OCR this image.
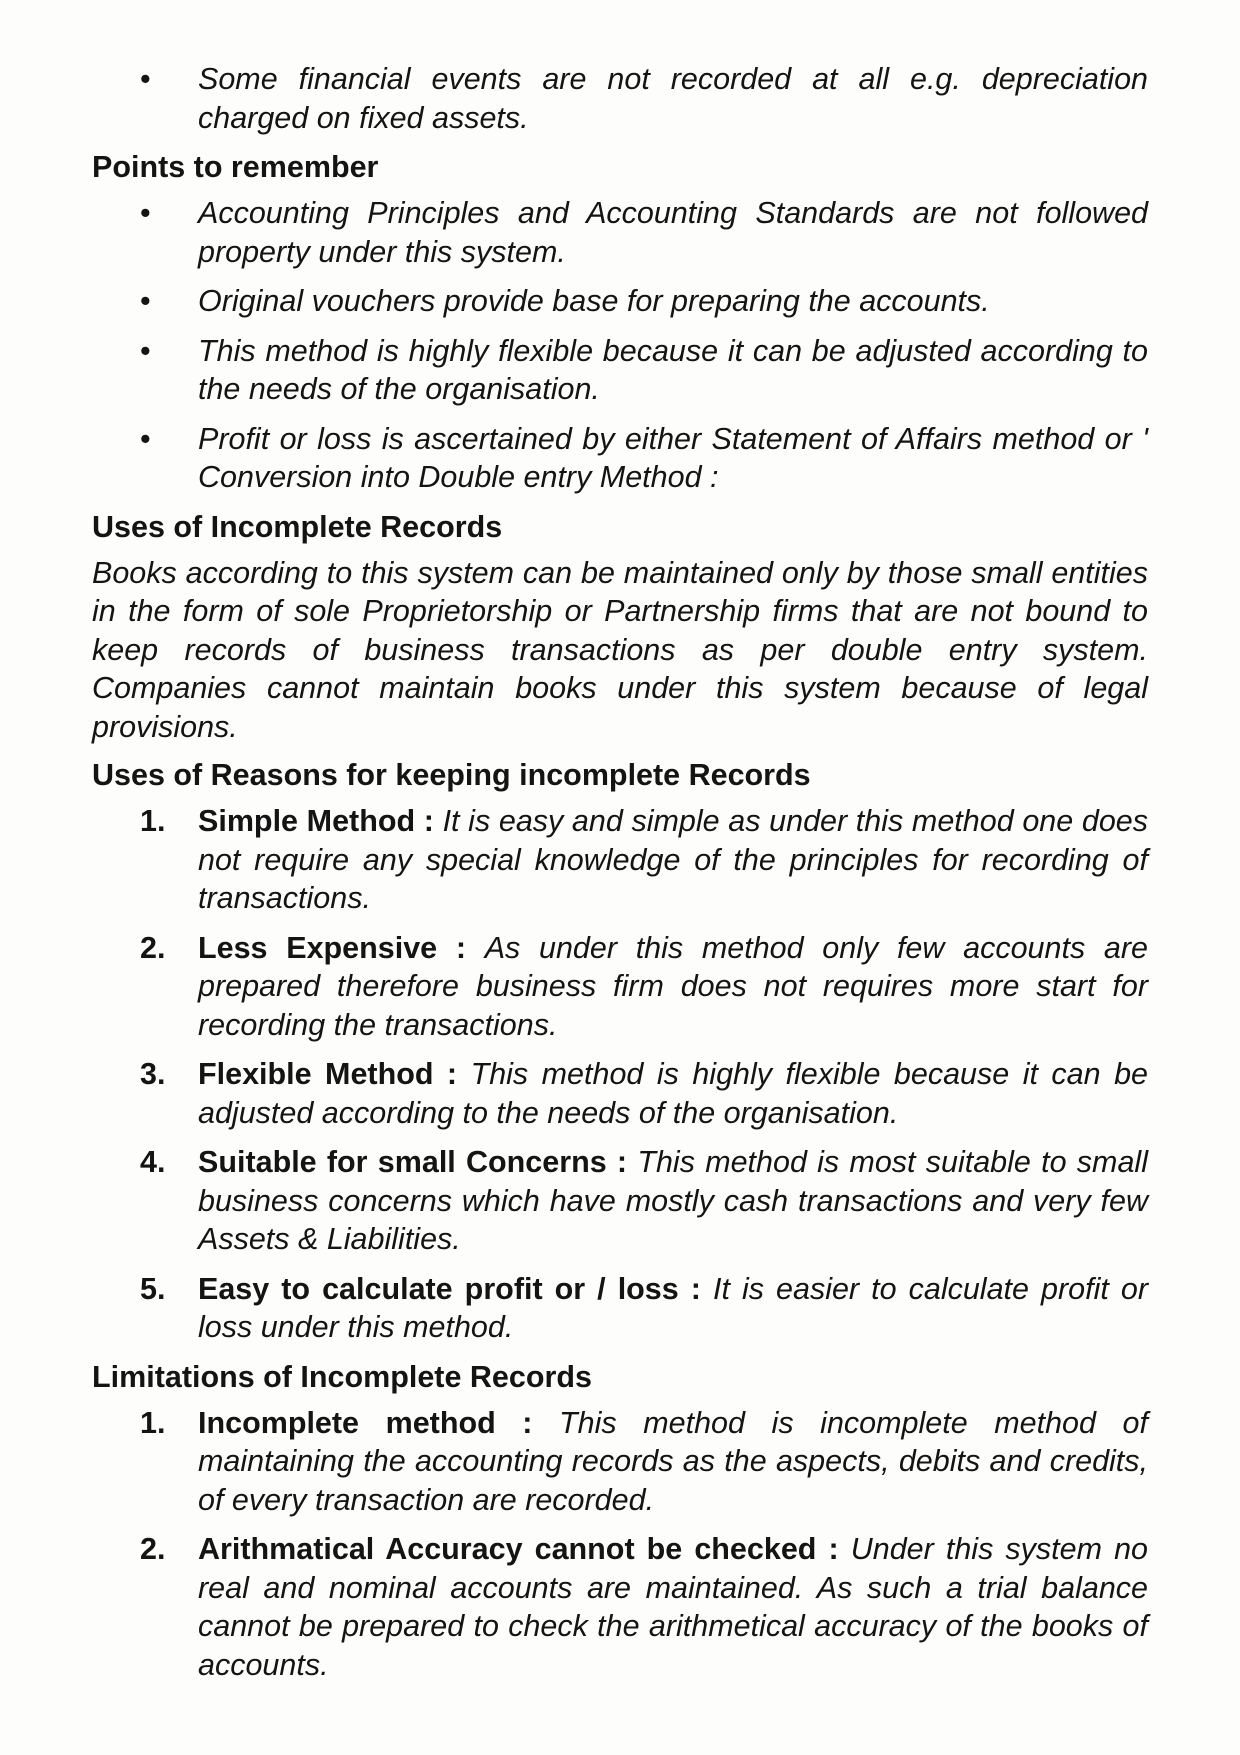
• Some financial events are not recorded at all e.g. depreciation charged on fixed assets.
Points to remember
• Accounting Principles and Accounting Standards are not followed property under this system.
• Original vouchers provide base for preparing the accounts.
• This method is highly flexible because it can be adjusted according to the needs of the organisation.
• Profit or loss is ascertained by either Statement of Affairs method or ' Conversion into Double entry Method :
Uses of Incomplete Records

Books according to this system can be maintained only by those small entities in the form of sole Proprietorship or Partnership firms that are not bound to keep records of business transactions as per double entry system. Companies cannot maintain books under this system because of legal provisions.

Uses of Reasons for keeping incomplete Records
1. Simple Method : It is easy and simple as under this method one does not require any special knowledge of the principles for recording of transactions.
2. Less Expensive : As under this method only few accounts are prepared therefore business firm does not requires more start for recording the transactions.
3. Flexible Method : This method is highly flexible because it can be adjusted according to the needs of the organisation.
4. Suitable for small Concerns : This method is most suitable to small business concerns which have mostly cash transactions and very few Assets & Liabilities.
5. Easy to calculate profit or / loss : It is easier to calculate profit or loss under this method.
Limitations of Incomplete Records
1. Incomplete method : This method is incomplete method of maintaining the accounting records as the aspects, debits and credits, of every transaction are recorded.
2. Arithmatical Accuracy cannot be checked : Under this system no real and nominal accounts are maintained. As such a trial balance cannot be prepared to check the arithmetical accuracy of the books of accounts.
